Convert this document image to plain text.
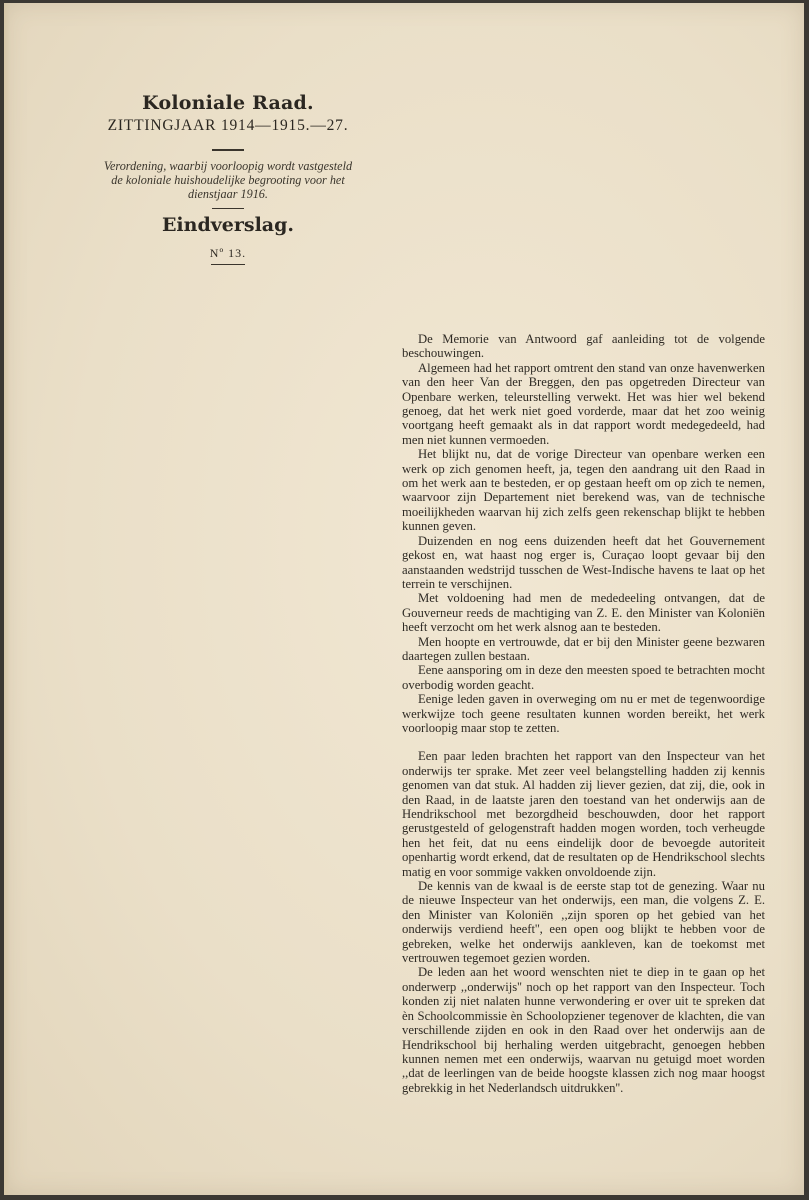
Koloniale Raad.
ZITTINGJAAR 1914—1915.—27.
Verordening, waarbij voorloopig wordt vastgesteld de koloniale huishoudelijke begrooting voor het dienstjaar 1916.
Eindverslag.
Nº 13.

De Memorie van Antwoord gaf aanleiding tot de volgende beschouwingen.

Algemeen had het rapport omtrent den stand van onze havenwerken van den heer Van der Breggen, den pas opgetreden Directeur van Openbare werken, teleurstelling verwekt. Het was hier wel bekend genoeg, dat het werk niet goed vorderde, maar dat het zoo weinig voortgang heeft gemaakt als in dat rapport wordt medegedeeld, had men niet kunnen vermoeden.

Het blijkt nu, dat de vorige Directeur van openbare werken een werk op zich genomen heeft, ja, tegen den aandrang uit den Raad in om het werk aan te besteden, er op gestaan heeft om op zich te nemen, waarvoor zijn Departement niet berekend was, van de technische moeilijkheden waarvan hij zich zelfs geen rekenschap blijkt te hebben kunnen geven.

Duizenden en nog eens duizenden heeft dat het Gouvernement gekost en, wat haast nog erger is, Curaçao loopt gevaar bij den aanstaanden wedstrijd tusschen de West-Indische havens te laat op het terrein te verschijnen.

Met voldoening had men de mededeeling ontvangen, dat de Gouverneur reeds de machtiging van Z. E. den Minister van Koloniën heeft verzocht om het werk alsnog aan te besteden.

Men hoopte en vertrouwde, dat er bij den Minister geene bezwaren daartegen zullen bestaan.

Eene aansporing om in deze den meesten spoed te betrachten mocht overbodig worden geacht.

Eenige leden gaven in overweging om nu er met de tegenwoordige werkwijze toch geene resultaten kunnen worden bereikt, het werk voorloopig maar stop te zetten.

Een paar leden brachten het rapport van den Inspecteur van het onderwijs ter sprake. Met zeer veel belangstelling hadden zij kennis genomen van dat stuk. Al hadden zij liever gezien, dat zij, die, ook in den Raad, in de laatste jaren den toestand van het onderwijs aan de Hendrikschool met bezorgdheid beschouwden, door het rapport gerustgesteld of gelogenstraft hadden mogen worden, toch verheugde hen het feit, dat nu eens eindelijk door de bevoegde autoriteit openhartig wordt erkend, dat de resultaten op de Hendrikschool slechts matig en voor sommige vakken onvoldoende zijn.

De kennis van de kwaal is de eerste stap tot de genezing. Waar nu de nieuwe Inspecteur van het onderwijs, een man, die volgens Z. E. den Minister van Koloniën ,,zijn sporen op het gebied van het onderwijs verdiend heeft'', een open oog blijkt te hebben voor de gebreken, welke het onderwijs aankleven, kan de toekomst met vertrouwen tegemoet gezien worden.

De leden aan het woord wenschten niet te diep in te gaan op het onderwerp ,,onderwijs'' noch op het rapport van den Inspecteur. Toch konden zij niet nalaten hunne verwondering er over uit te spreken dat èn Schoolcommissie èn Schoolopziener tegenover de klachten, die van verschillende zijden en ook in den Raad over het onderwijs aan de Hendrikschool bij herhaling werden uitgebracht, genoegen hebben kunnen nemen met een onderwijs, waarvan nu getuigd moet worden ,,dat de leerlingen van de beide hoogste klassen zich nog maar hoogst gebrekkig in het Nederlandsch uitdrukken''.
